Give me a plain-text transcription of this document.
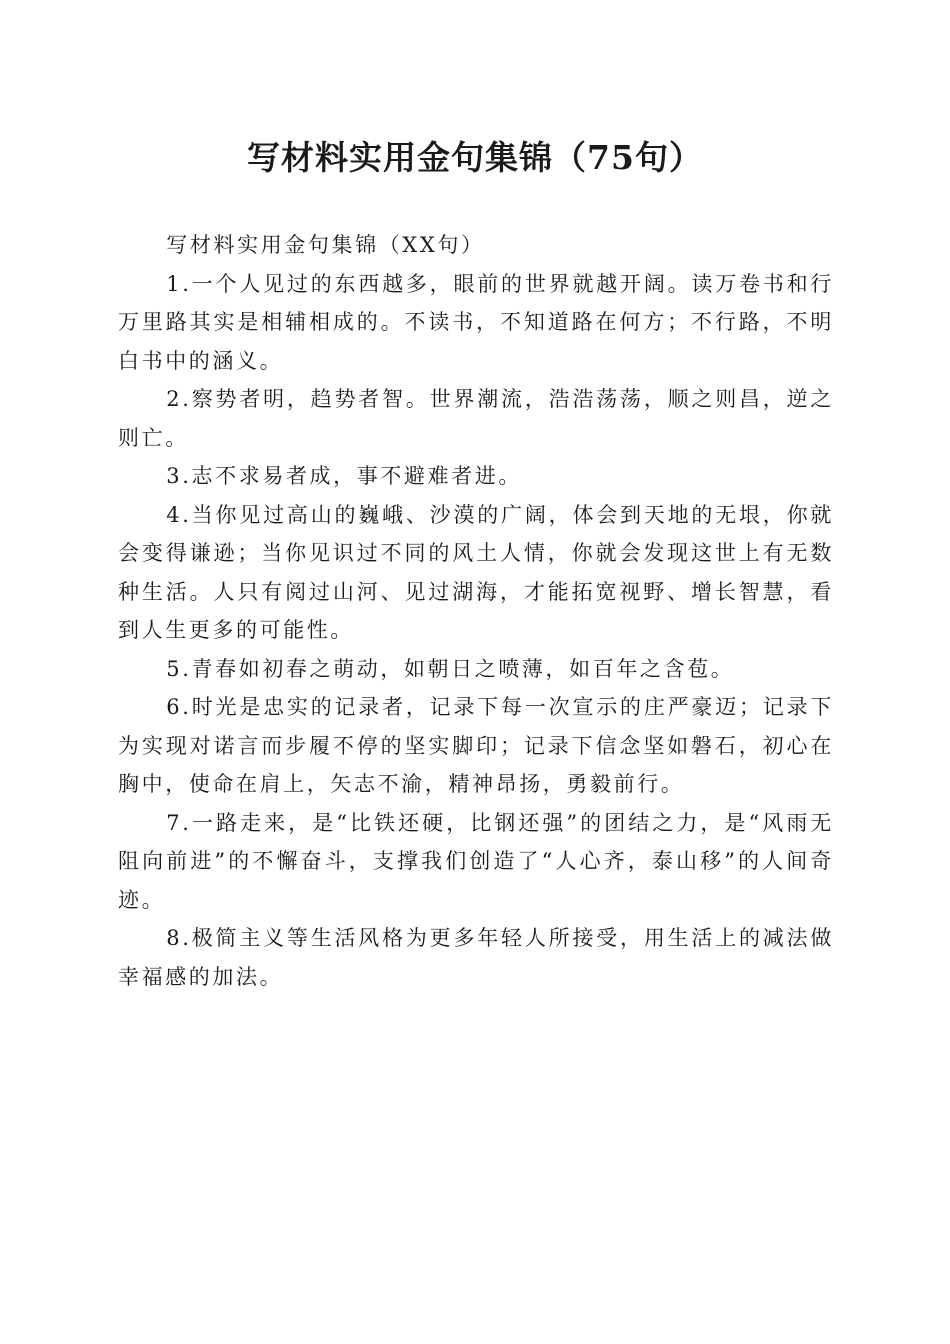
写材料实用金句集锦（75句）

写材料实用金句集锦（XX句）

1.一个人见过的东西越多，眼前的世界就越开阔。读万卷书和行万里路其实是相辅相成的。不读书，不知道路在何方；不行路，不明白书中的涵义。

2.察势者明，趋势者智。世界潮流，浩浩荡荡，顺之则昌，逆之则亡。

3.志不求易者成，事不避难者进。

4.当你见过高山的巍峨、沙漠的广阔，体会到天地的无垠，你就会变得谦逊；当你见识过不同的风土人情，你就会发现这世上有无数种生活。人只有阅过山河、见过湖海，才能拓宽视野、增长智慧，看到人生更多的可能性。

5.青春如初春之萌动，如朝日之喷薄，如百年之含苞。

6.时光是忠实的记录者，记录下每一次宣示的庄严豪迈；记录下为实现对诺言而步履不停的坚实脚印；记录下信念坚如磐石，初心在胸中，使命在肩上，矢志不渝，精神昂扬，勇毅前行。

7.一路走来，是“比铁还硬，比钢还强”的团结之力，是“风雨无阻向前进”的不懈奋斗，支撑我们创造了“人心齐，泰山移”的人间奇迹。

8.极简主义等生活风格为更多年轻人所接受，用生活上的减法做幸福感的加法。
